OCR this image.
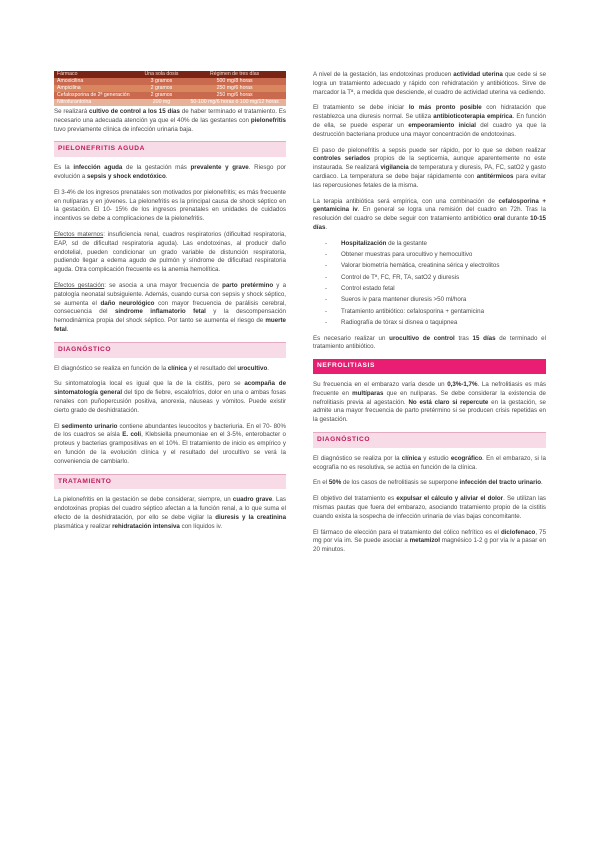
Fármaco	Una sola dosis	Régimen de tres días
Amoxicilina	3 gramos	500 mg/8 horas
Ampicilina	2 gramos	250 mg/6 horas
Cefalosporina de 2ª generación	2 gramos	250 mg/6 horas
Nitrofurantoína	200 mg	50-100 mg/6 horas ó 100 mg/12 horas

Se realizará cultivo de control a los 15 días de haber terminado el tratamiento. Es necesario una adecuada atención ya que el 40% de las gestantes con pielonefritis tuvo previamente clínica de infección urinaria baja.

PIELONEFRITIS AGUDA

Es la infección aguda de la gestación más prevalente y grave. Riesgo por evolución a sepsis y shock endotóxico.

El 3-4% de los ingresos prenatales son motivados por pielonefritis; es más frecuente en nulíparas y en jóvenes. La pielonefritis es la principal causa de shock séptico en la gestación. El 10- 15% de los ingresos prenatales en unidades de cuidados incentivos se debe a complicaciones de la pielonefritis.

Efectos maternos: insuficiencia renal, cuadros respiratorios (dificultad respiratoria, EAP, sd de dificultad respiratoria aguda). Las endotoxinas, al producir daño endotelial, pueden condicionar un grado variable de distunción respiratoria, pudiendo llegar a edema agudo de pulmón y síndrome de dificultad respiratoria aguda. Otra complicación frecuente es la anemia hemolítica.

Efectos gestación: se asocia a una mayor frecuencia de parto pretérmino y a patología neonatal subsiguiente. Además, cuando cursa con sepsis y shock séptico, se aumenta el daño neurológico con mayor frecuencia de parálisis cerebral, consecuencia del síndrome inflamatorio fetal y la descompensación hemodinámica propia del shock séptico. Por tanto se aumenta el riesgo de muerte fetal.

DIAGNÓSTICO

El diagnóstico se realiza en función de la clínica y el resultado del urocultivo.

Su sintomatología local es igual que la de la cistitis, pero se acompaña de sintomatología general del tipo de fiebre, escalofríos, dolor en una o ambas fosas renales con puñopercusión positiva, anorexia, náuseas y vómitos. Puede existir cierto grado de deshidratación.

El sedimento urinario contiene abundantes leucocitos y bacteriuria. En el 70- 80% de los cuadros se aísla E. coli, Klebsiella pneumoniae en el 3-5%, enterobacter o proteus y bacterias grampositivas en el 10%. El tratamiento de inicio es empírico y en función de la evolución clínica y el resultado del urocultivo se verá la conveniencia de cambiarlo.

TRATAMIENTO

La pielonefritis en la gestación se debe considerar, siempre, un cuadro grave. Las endotoxinas propias del cuadro séptico afectan a la función renal, a lo que suma el efecto de la deshidratación, por ello se debe vigilar la diuresis y la creatinina plasmática y realizar rehidratación intensiva con líquidos iv.

A nivel de la gestación, las endotoxinas producen actividad uterina que cede si se logra un tratamiento adecuado y rápido con rehidratación y antibióticos. Sirve de marcador la Tª, a medida que desciende, el cuadro de actividad uterina va cediendo.

El tratamiento se debe iniciar lo más pronto posible con hidratación que restablezca una diuresis normal. Se utiliza antibioticoterapia empírica. En función de ella, se puede esperar un empeoramiento inicial del cuadro ya que la destrucción bacteriana produce una mayor concentración de endotoxinas.

El paso de pielonefritis a sepsis puede ser rápido, por lo que se deben realizar controles seriados propios de la septicemia, aunque aparentemente no este instaurada. Se realizará vigilancia de temperatura y diuresis, PA, FC, satO2 y gasto cardiaco. La temperatura se debe bajar rápidamente con antitérmicos para evitar las repercusiones fetales de la misma.

La terapia antibiótica será empírica, con una combinación de cefalosporina + gentamicina iv. En general se logra una remisión del cuadro en 72h. Tras la resolución del cuadro se debe seguir con tratamiento antibiótico oral durante 10-15 días.

- Hospitalización de la gestante
- Obtener muestras para urocultivo y hemocultivo
- Valorar biometría hemática, creatinina sérica y electrolitos
- Control de Tª, FC, FR, TA, satO2 y diuresis
- Control estado fetal
- Sueros iv para mantener diuresis >50 ml/hora
- Tratamiento antibiótico: cefalosporina + gentamicina
- Radiografía de tórax si disnea o taquipnea

Es necesario realizar un urocultivo de control tras 15 días de terminado el tratamiento antibiótico.

NEFROLITIASIS

Su frecuencia en el embarazo varía desde un 0,3%-1,7%. La nefrolitiasis es más frecuente en multíparas que en nulíparas. Se debe considerar la existencia de nefrolitiasis previa al agestación. No está claro si repercute en la gestación, se admite una mayor frecuencia de parto pretérmino si se producen crisis repetidas en la gestación.

DIAGNÓSTICO

El diagnóstico se realiza por la clínica y estudio ecográfico. En el embarazo, si la ecografía no es resolutiva, se actúa en función de la clínica.

En el 50% de los casos de nefrolitiasis se superpone infección del tracto urinario.

El objetivo del tratamiento es expulsar el cálculo y aliviar el dolor. Se utilizan las mismas pautas que fuera del embarazo, asociando tratamiento propio de la cistitis cuando exista la sospecha de infección urinaria de vías bajas concomitante.

El fármaco de elección para el tratamiento del cólico nefrítico es el diclofenaco, 75 mg por vía im. Se puede asociar a metamizol magnésico 1-2 g por vía iv a pasar en 20 minutos.
